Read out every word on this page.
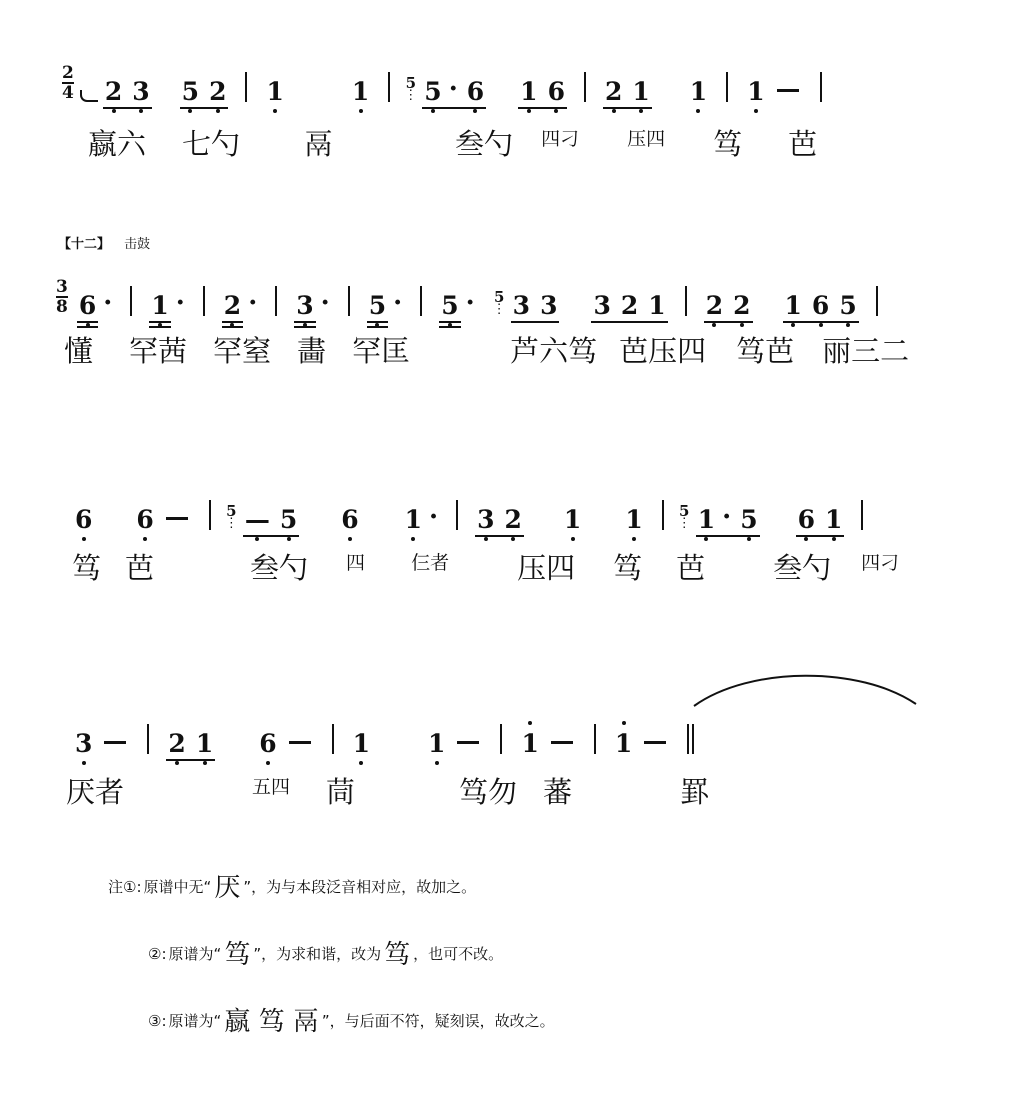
$\frac{2}{4} 2$ 3 5 2 1	1 5
⋮ 5 · 6 1 6 2 1 1 1
䇔六 七勺 鬲	叁勺	四刁	压四 笃 芭
【十二】 击鼓
$\frac{3}{8} 6 \cdot 1 \cdot 2 \cdot 3 \cdot 5 \cdot 5 \cdot 5$
⋮ 3 3 3 2 1 2 2 1 6 5
懂 罕茜 罕窒 畵 罕匡	芦六笃 芭压四 笃芭 丽三二
6 6	5
⋮ — 5 6 1 · 3 2 1 1 5
⋮ 1 · 5 6 1
笃 芭	叁勺	四	仨者 压四 笃 芭 叁勺	四刁
3	2 1 6	1 1	1	1
厌者	五四 茼	笃勿 蕃	罫
注①: 原谱中无 “ 厌 ” ，为与本段泛音相对应，故加之。
②: 原谱为 “ 笃 ” ，为求和谐，改为 笃 ，也可不改。
③: 原谱为 “ 䇔 笃 鬲 ” ，与后面不符，疑刻误，故改之。
